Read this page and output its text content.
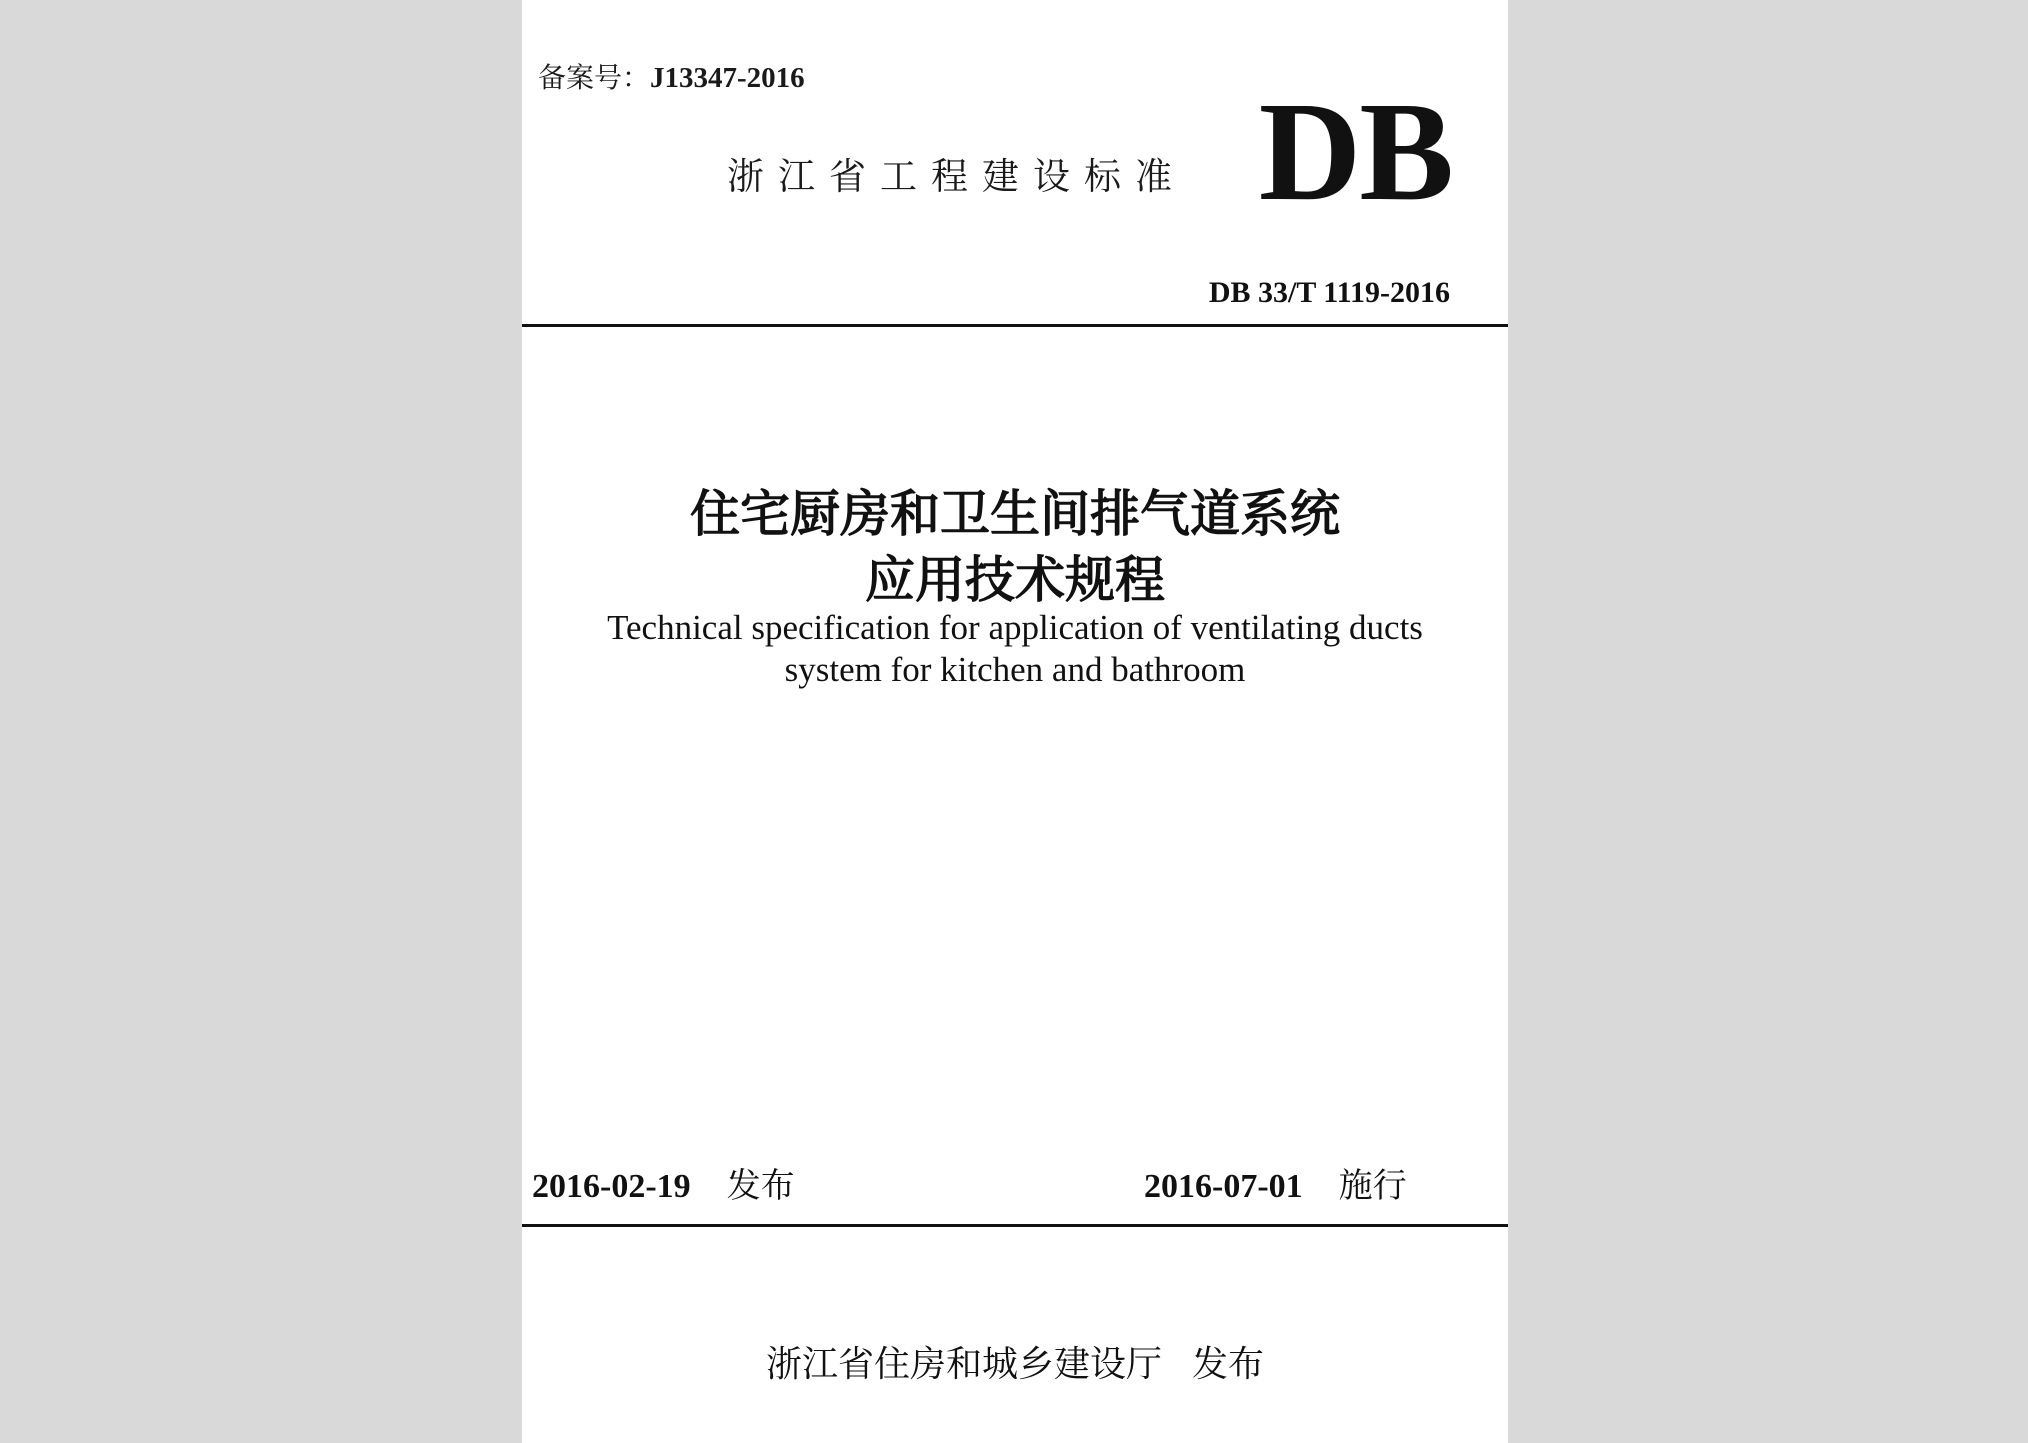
备案号：J13347-2016
浙江省工程建设标准 DB
DB 33/T 1119-2016
住宅厨房和卫生间排气道系统
应用技术规程
Technical specification for application of ventilating ducts
system for kitchen and bathroom
2016-02-19 发布	2016-07-01 施行
浙江省住房和城乡建设厅 发布
